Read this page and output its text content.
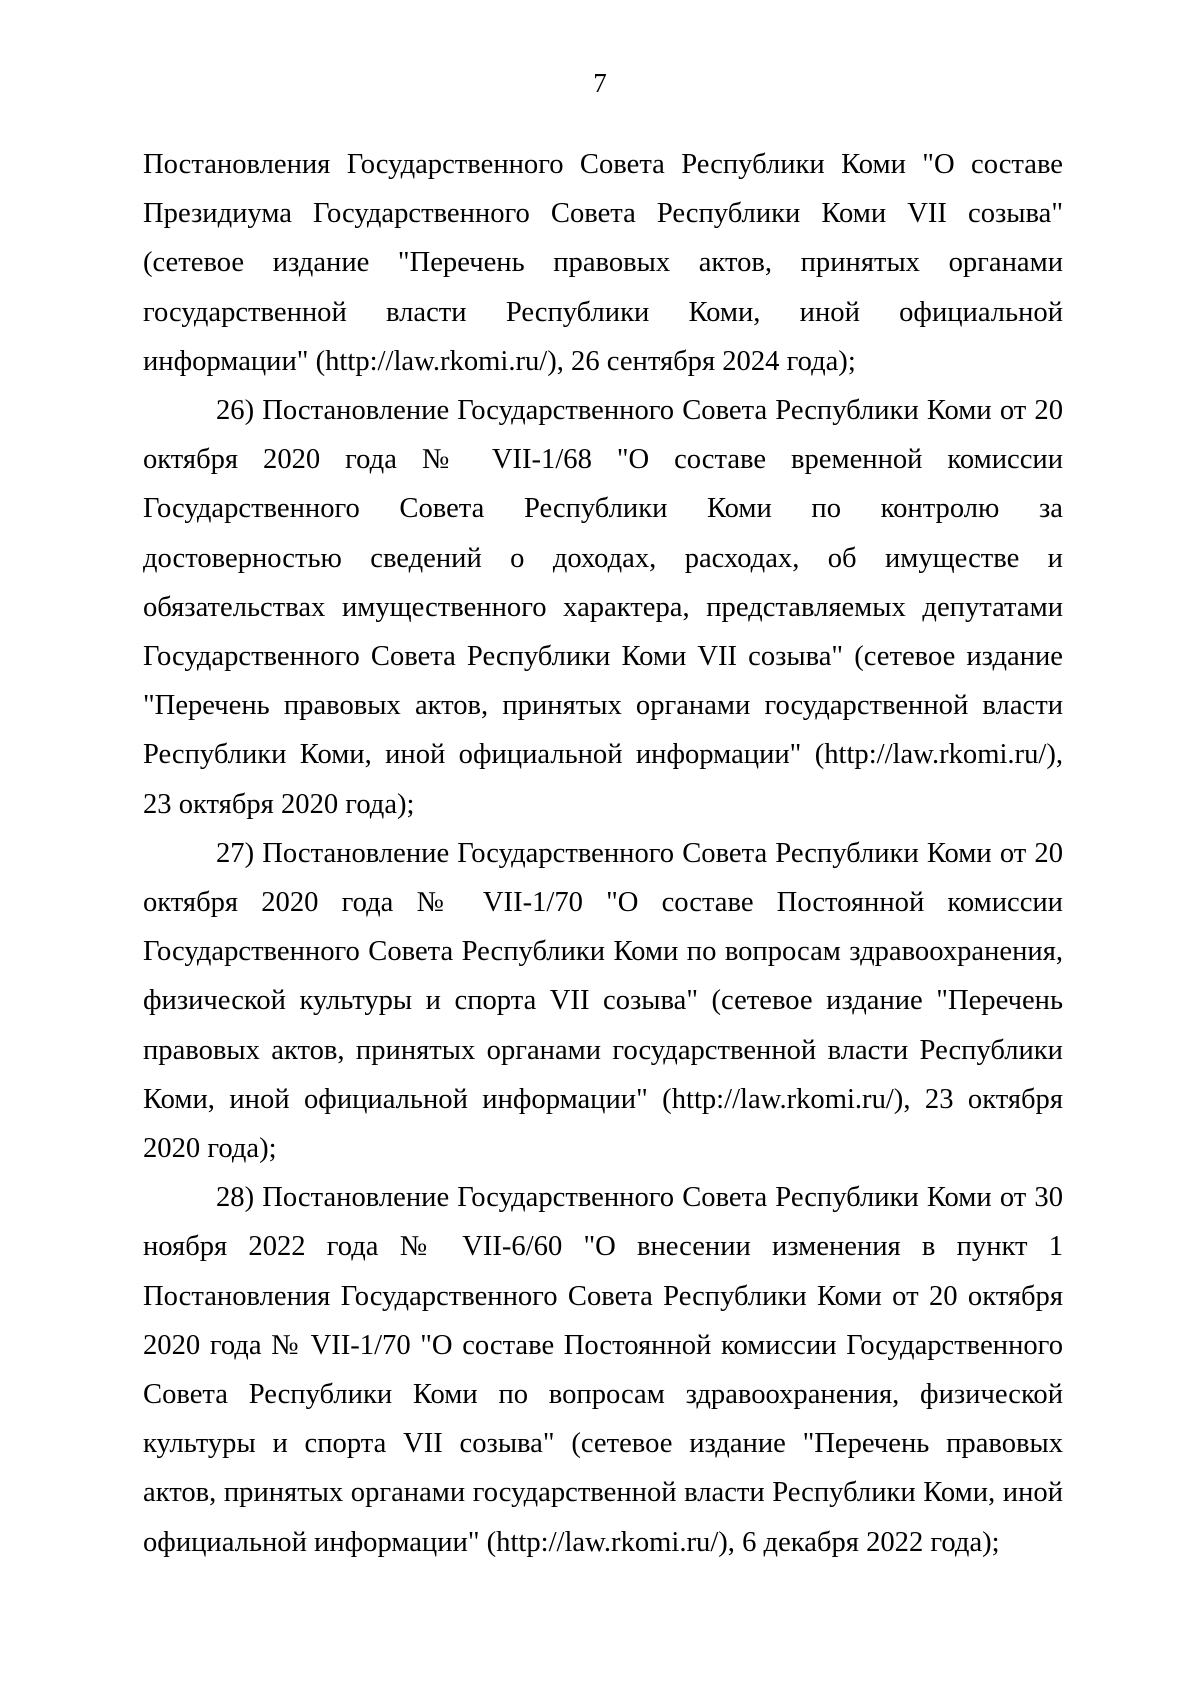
7

Постановления Государственного Совета Республики Коми "О составе Президиума Государственного Совета Республики Коми VII созыва" (сетевое издание "Перечень правовых актов, принятых органами государственной власти Республики Коми, иной официальной информации" (http://law.rkomi.ru/), 26 сентября 2024 года);

26) Постановление Государственного Совета Республики Коми от 20 октября 2020 года № VII-1/68 "О составе временной комиссии Государственного Совета Республики Коми по контролю за достоверностью сведений о доходах, расходах, об имуществе и обязательствах имущественного характера, представляемых депутатами Государственного Совета Республики Коми VII созыва" (сетевое издание "Перечень правовых актов, принятых органами государственной власти Республики Коми, иной официальной информации" (http://law.rkomi.ru/), 23 октября 2020 года);

27) Постановление Государственного Совета Республики Коми от 20 октября 2020 года № VII-1/70 "О составе Постоянной комиссии Государственного Совета Республики Коми по вопросам здравоохранения, физической культуры и спорта VII созыва" (сетевое издание "Перечень правовых актов, принятых органами государственной власти Республики Коми, иной официальной информации" (http://law.rkomi.ru/), 23 октября 2020 года);

28) Постановление Государственного Совета Республики Коми от 30 ноября 2022 года № VII-6/60 "О внесении изменения в пункт 1 Постановления Государственного Совета Республики Коми от 20 октября 2020 года № VII-1/70 "О составе Постоянной комиссии Государственного Совета Республики Коми по вопросам здравоохранения, физической культуры и спорта VII созыва" (сетевое издание "Перечень правовых актов, принятых органами государственной власти Республики Коми, иной официальной информации" (http://law.rkomi.ru/), 6 декабря 2022 года);
